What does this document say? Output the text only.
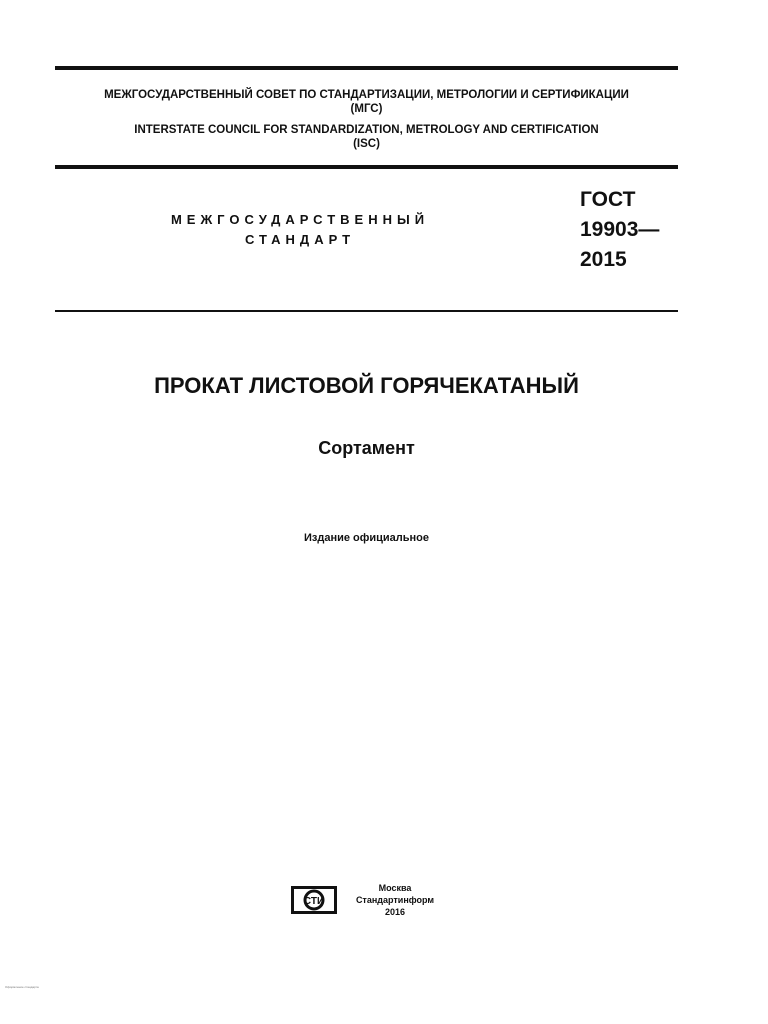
МЕЖГОСУДАРСТВЕННЫЙ СОВЕТ ПО СТАНДАРТИЗАЦИИ, МЕТРОЛОГИИ И СЕРТИФИКАЦИИ
(МГС)
INTERSTATE COUNCIL FOR STANDARDIZATION, METROLOGY AND CERTIFICATION
(ISC)
МЕЖГОСУДАРСТВЕННЫЙ
СТАНДАРТ
ГОСТ
19903—
2015
ПРОКАТ ЛИСТОВОЙ ГОРЯЧЕКАТАНЫЙ
Сортамент
Издание официальное
СТИ
Москва
Стандартинформ
2016
Оформление стандарта
